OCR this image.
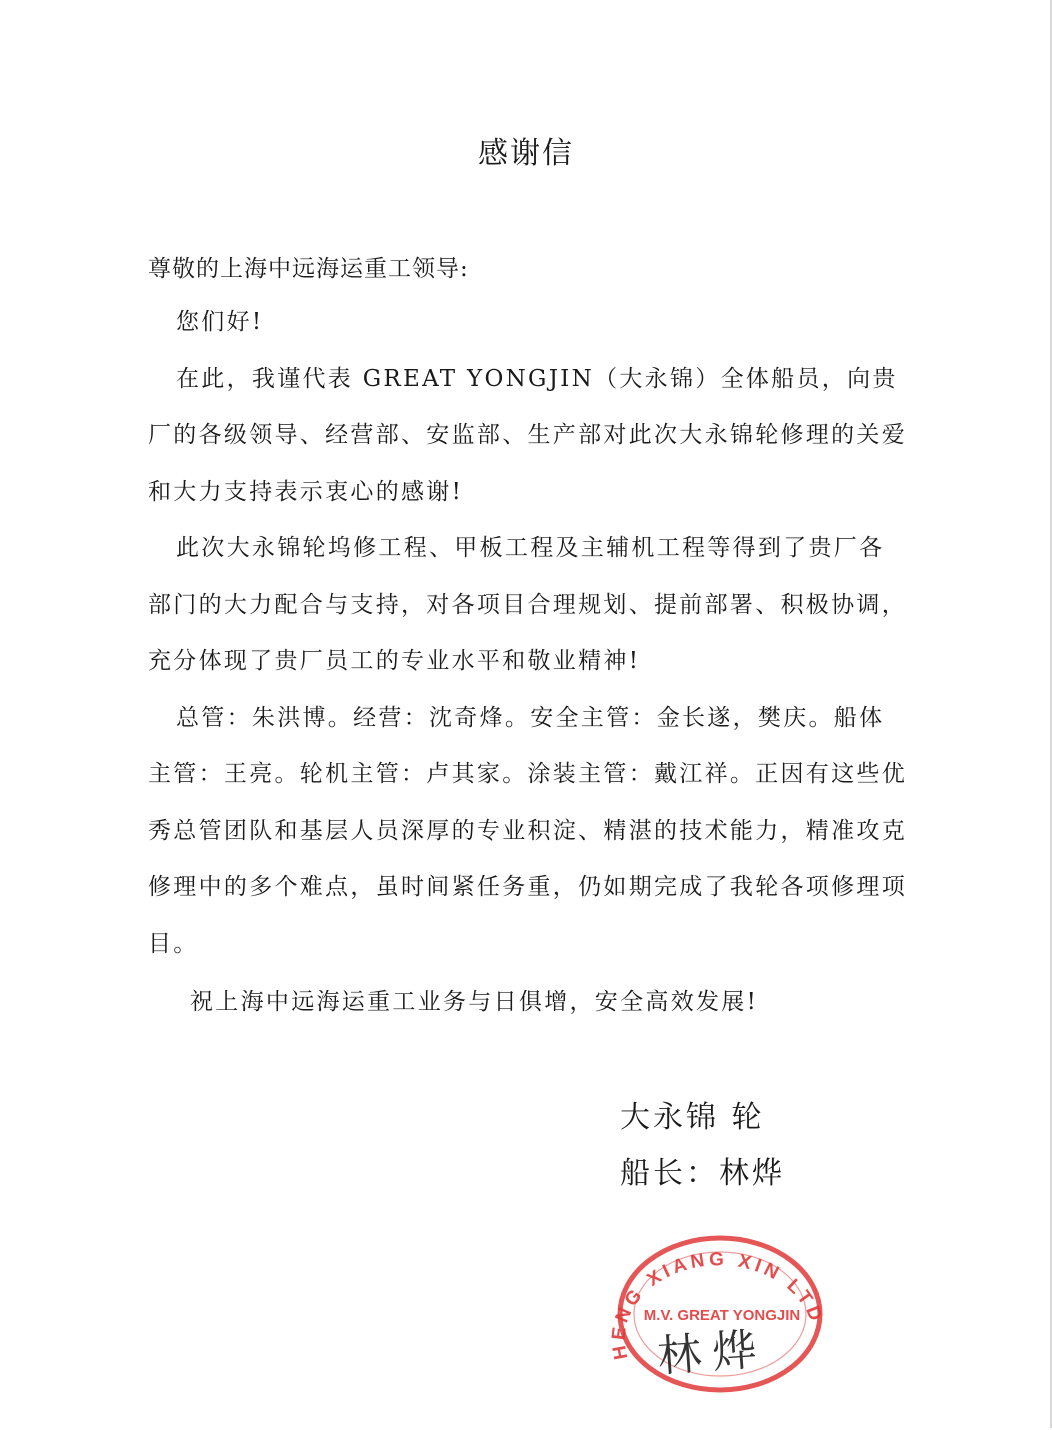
感谢信
尊敬的上海中远海运重工领导:

您们好!

在此，我谨代表 GREAT YONGJIN（大永锦）全体船员，向贵厂的各级领导、经营部、安监部、生产部对此次大永锦轮修理的关爱和大力支持表示衷心的感谢!

此次大永锦轮坞修工程、甲板工程及主辅机工程等得到了贵厂各部门的大力配合与支持，对各项目合理规划、提前部署、积极协调，充分体现了贵厂员工的专业水平和敬业精神!

总管：朱洪博。经营：沈奇烽。安全主管：金长遂，樊庆。船体主管：王亮。轮机主管：卢其家。涂装主管：戴江祥。正因有这些优秀总管团队和基层人员深厚的专业积淀、精湛的技术能力，精准攻克修理中的多个难点，虽时间紧任务重，仍如期完成了我轮各项修理项目。

祝上海中远海运重工业务与日俱增，安全高效发展!

大永锦 轮
船长：林烨
HENG XIANG XIN LTD
M.V. GREAT YONGJIN
林 烨
